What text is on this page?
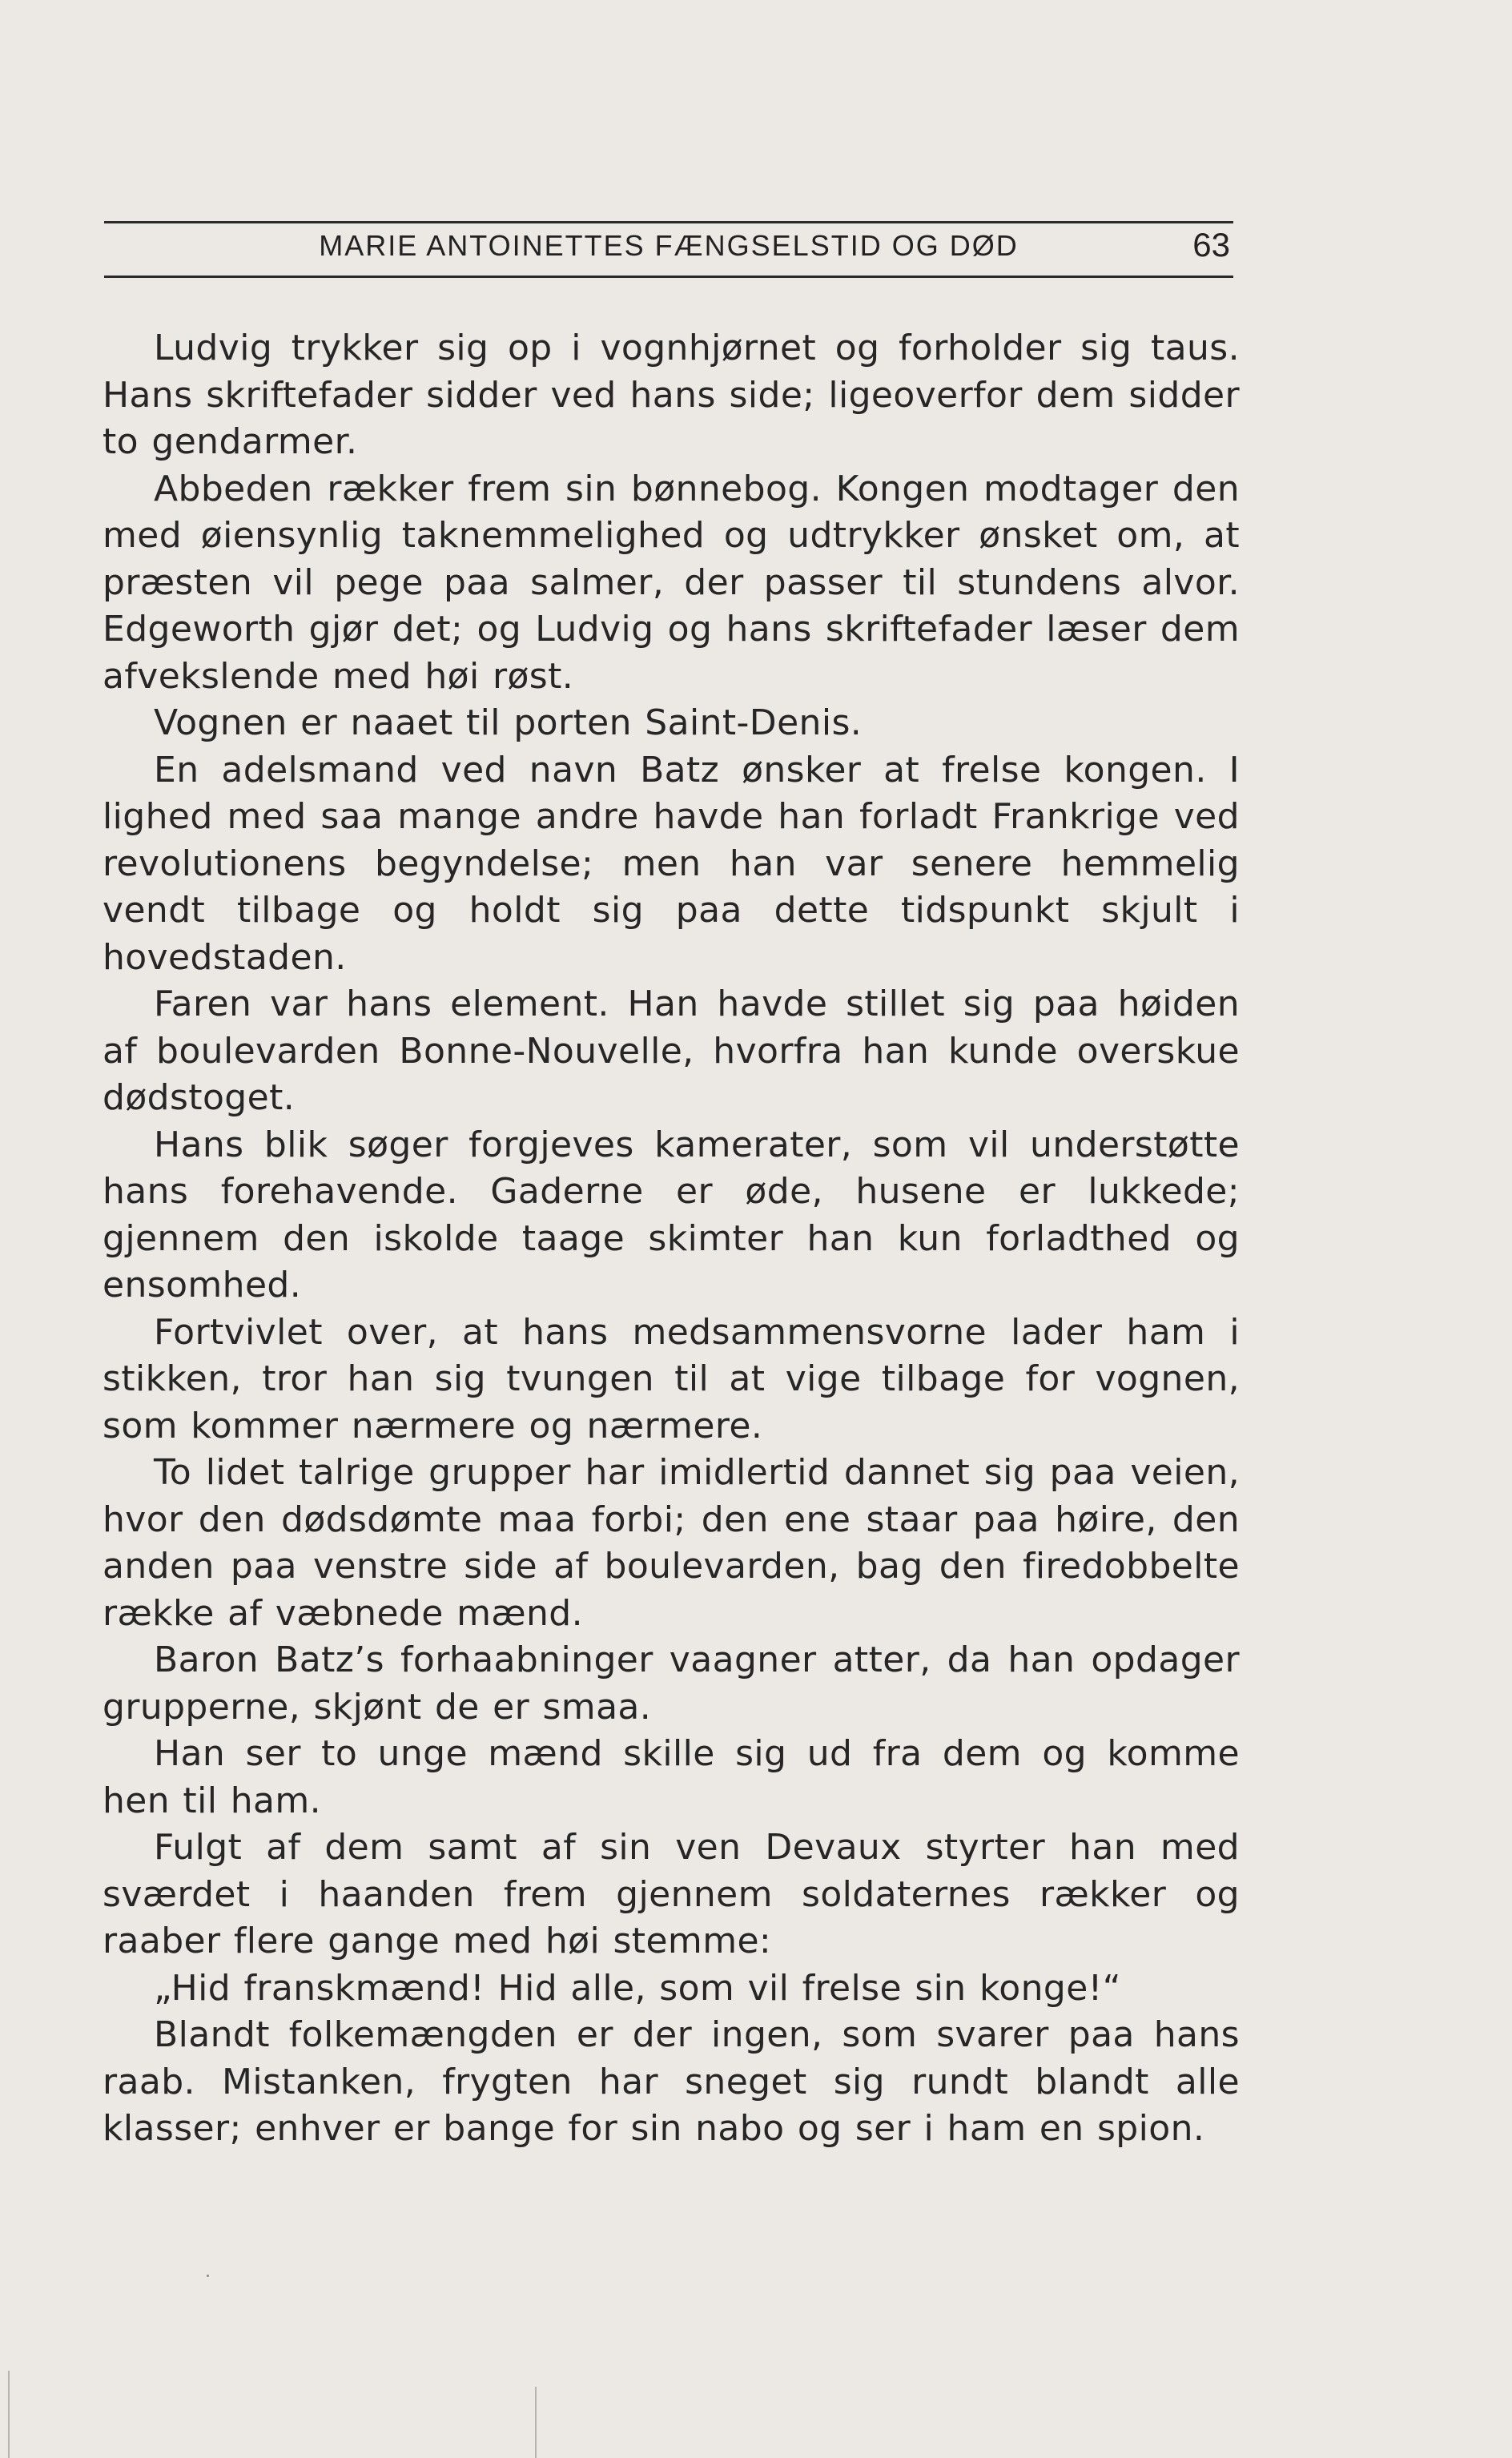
MARIE ANTOINETTES FÆNGSELSTID OG DØD	63

Ludvig trykker sig op i vognhjørnet og forholder sig taus. Hans skriftefader sidder ved hans side; ligeoverfor dem sidder to gendarmer.

Abbeden rækker frem sin bønnebog. Kongen modtager den med øiensynlig taknemmelighed og udtrykker ønsket om, at præsten vil pege paa salmer, der passer til stundens alvor. Edgeworth gjør det; og Ludvig og hans skriftefader læser dem afvekslende med høi røst.

Vognen er naaet til porten Saint-Denis.

En adelsmand ved navn Batz ønsker at frelse kongen. I lighed med saa mange andre havde han forladt Frankrige ved revolutionens begyndelse; men han var senere hemmelig vendt tilbage og holdt sig paa dette tidspunkt skjult i hovedstaden.

Faren var hans element. Han havde stillet sig paa høiden af boulevarden Bonne-Nouvelle, hvorfra han kunde overskue dødstoget.

Hans blik søger forgjeves kamerater, som vil understøtte hans forehavende. Gaderne er øde, husene er lukkede; gjennem den iskolde taage skimter han kun forladthed og ensomhed.

Fortvivlet over, at hans medsammensvorne lader ham i stikken, tror han sig tvungen til at vige tilbage for vognen, som kommer nærmere og nærmere.

To lidet talrige grupper har imidlertid dannet sig paa veien, hvor den dødsdømte maa forbi; den ene staar paa høire, den anden paa venstre side af boulevarden, bag den firedobbelte række af væbnede mænd.

Baron Batz’s forhaabninger vaagner atter, da han opdager grupperne, skjønt de er smaa.

Han ser to unge mænd skille sig ud fra dem og komme hen til ham.

Fulgt af dem samt af sin ven Devaux styrter han med sværdet i haanden frem gjennem soldaternes rækker og raaber flere gange med høi stemme:

„Hid franskmænd! Hid alle, som vil frelse sin konge!“

Blandt folkemængden er der ingen, som svarer paa hans raab. Mistanken, frygten har sneget sig rundt blandt alle klasser; enhver er bange for sin nabo og ser i ham en spion.
